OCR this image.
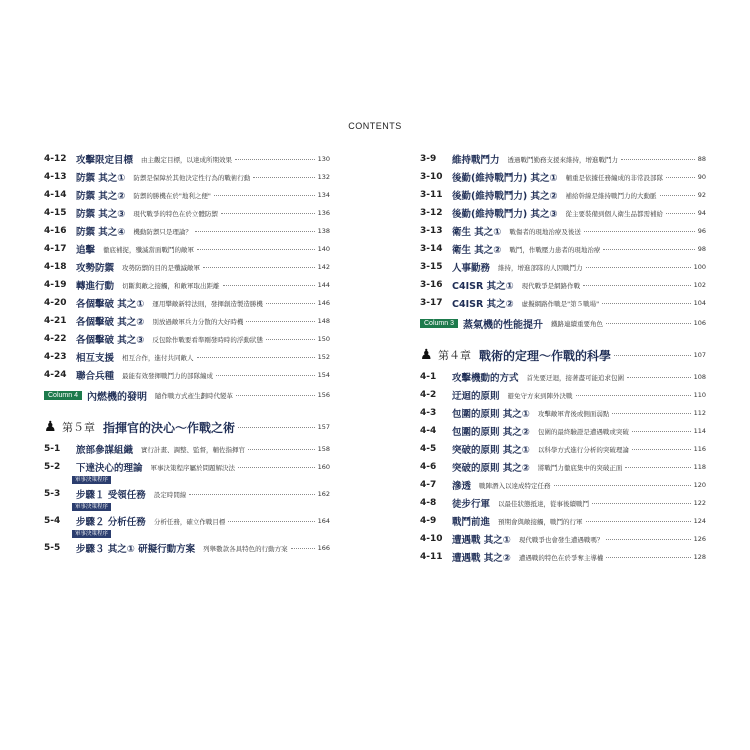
CONTENTS
4-12 攻擊限定目標 由主觀定目標，以達成所期效果	130
4-13 防禦 其之① 防禦是保障於其他決定性行為的戰術行動	132
4-14 防禦 其之② 防禦的勝機在於"地利之便"	134
4-15 防禦 其之③ 現代戰爭的特色在於立體防禦	136
4-16 防禦 其之④ 機動防禦只是理論？	138
4-17 追擊 徹底補捉，殲滅當面戰鬥的敵軍	140
4-18 攻勢防禦 攻勢防禦的目的是殲滅敵軍	142
4-19 轉進行動 切斷與敵之接觸，和敵軍取出距離	144
4-20 各個擊破 其之① 運用攀敵新特法則，發揮創造製造勝機	146
4-21 各個擊破 其之② 別放過敵軍兵力分散的大好時機	148
4-22 各個擊破 其之③ 反包除作戰要看準剛發時時的浮動狀態	150
4-23 相互支援 相互合作，進付共同敵人	152
4-24 聯合兵種 最能有效發揮戰鬥力的部隊編成	154
Column 4 內燃機的發明 隨作戰方式產生劃時代變革	156
♟ 第５章 指揮官的決心～作戰之術	157
5-1	旅部參謀組織 實行計畫、調整、監督，輔佐指揮官	158
5-2	下達決心的理論 軍事決策程序屬於問題解決法	160
軍事決策程序
5-3	步驟１ 受領任務 設定時間線	162
軍事決策程序
5-4	步驟２ 分析任務 分析任務，確立作戰目標	164
軍事決策程序
5-5	步驟３ 其之① 研擬行動方案 列舉數款各具特色的行動方案	166
3-9	維持戰鬥力 透過戰鬥勤務支援來維持，增進戰鬥力	88
3-10 後勤(維持戰鬥力) 其之① 輔重是依據任務編成的非常設部隊	90
3-11 後勤(維持戰鬥力) 其之② 補給幹線是維持戰鬥力的大動脈	92
3-12 後勤(維持戰鬥力) 其之③ 從主要裝備到個人衛生品都需補給	94
3-13 衛生 其之① 戰傷者的現地治療及後送	96
3-14 衛生 其之② 戰鬥，作戰壓力患者的現地治療	98
3-15 人事勤務 維持，增進部隊的人因戰鬥力	100
3-16 C4ISR 其之① 現代戰爭是網路作戰	102
3-17 C4ISR 其之② 虛擬網路作戰是"第５戰場"	104
Column 3 蒸氣機的性能提升 鐵路連續重要角色	106
♟ 第４章 戰術的定理～作戰的科學	107
4-1	攻擊機動的方式 首先要迂迴，接著盡可能追求包圍	108
4-2	迂迴的原則 避免守方來到陣外決戰	110
4-3	包圍的原則 其之① 攻擊敵軍背後或側面弱點	112
4-4	包圍的原則 其之② 包圍的最終驗證是遭遇戰或突破	114
4-5	突破的原則 其之① 以科學方式進行分析的突破理論	116
4-6	突破的原則 其之② 將戰鬥力徹底集中的突破正面	118
4-7	滲透 戰陣潛入以達成特定任務	120
4-8	徒步行軍 以最佳狀態抵達，從事後續戰鬥	122
4-9	戰鬥前進 預期會與敵接觸，戰鬥的行軍	124
4-10 遭遇戰 其之① 現代戰爭也會發生遭遇戰嗎？	126
4-11 遭遇戰 其之② 遭遇戰的特色在於爭奪主導權	128
